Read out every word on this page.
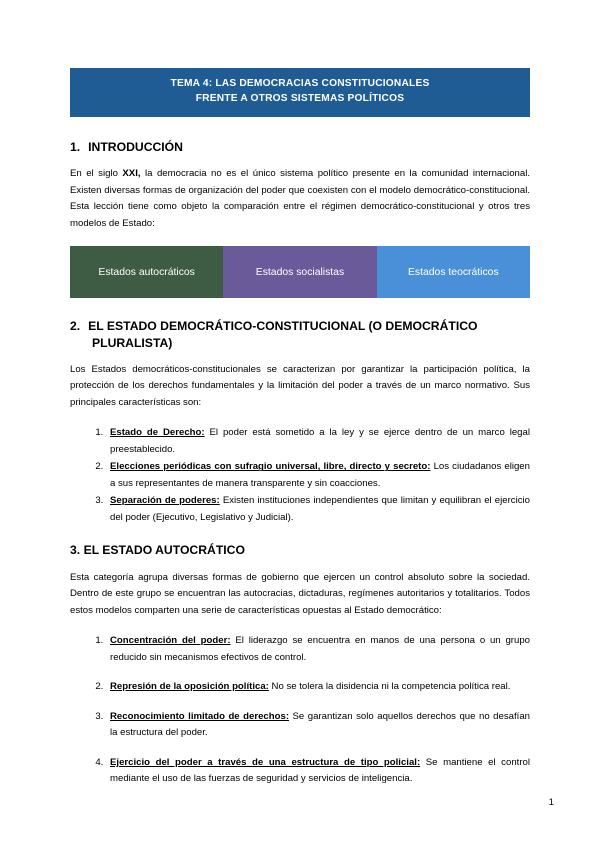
TEMA 4: LAS DEMOCRACIAS CONSTITUCIONALES
FRENTE A OTROS SISTEMAS POLÍTICOS
1. INTRODUCCIÓN

En el siglo XXI, la democracia no es el único sistema político presente en la comunidad internacional. Existen diversas formas de organización del poder que coexisten con el modelo democrático-constitucional. Esta lección tiene como objeto la comparación entre el régimen democrático-constitucional y otros tres modelos de Estado:

Estados autocráticos	Estados socialistas	Estados teocráticos
2. EL ESTADO DEMOCRÁTICO-CONSTITUCIONAL (O DEMOCRÁTICO
PLURALISTA)

Los Estados democráticos-constitucionales se caracterizan por garantizar la participación política, la protección de los derechos fundamentales y la limitación del poder a través de un marco normativo. Sus principales características son:

1. Estado de Derecho: El poder está sometido a la ley y se ejerce dentro de un marco legal preestablecido.
2. Elecciones periódicas con sufragio universal, libre, directo y secreto: Los ciudadanos eligen a sus representantes de manera transparente y sin coacciones.
3. Separación de poderes: Existen instituciones independientes que limitan y equilibran el ejercicio del poder (Ejecutivo, Legislativo y Judicial).
3. EL ESTADO AUTOCRÁTICO

Esta categoría agrupa diversas formas de gobierno que ejercen un control absoluto sobre la sociedad. Dentro de este grupo se encuentran las autocracias, dictaduras, regímenes autoritarios y totalitarios. Todos estos modelos comparten una serie de características opuestas al Estado democrático:

1. Concentración del poder: El liderazgo se encuentra en manos de una persona o un grupo reducido sin mecanismos efectivos de control.
2. Represión de la oposición política: No se tolera la disidencia ni la competencia política real.
3. Reconocimiento limitado de derechos: Se garantizan solo aquellos derechos que no desafían la estructura del poder.
4. Ejercicio del poder a través de una estructura de tipo policial: Se mantiene el control mediante el uso de las fuerzas de seguridad y servicios de inteligencia.
1
